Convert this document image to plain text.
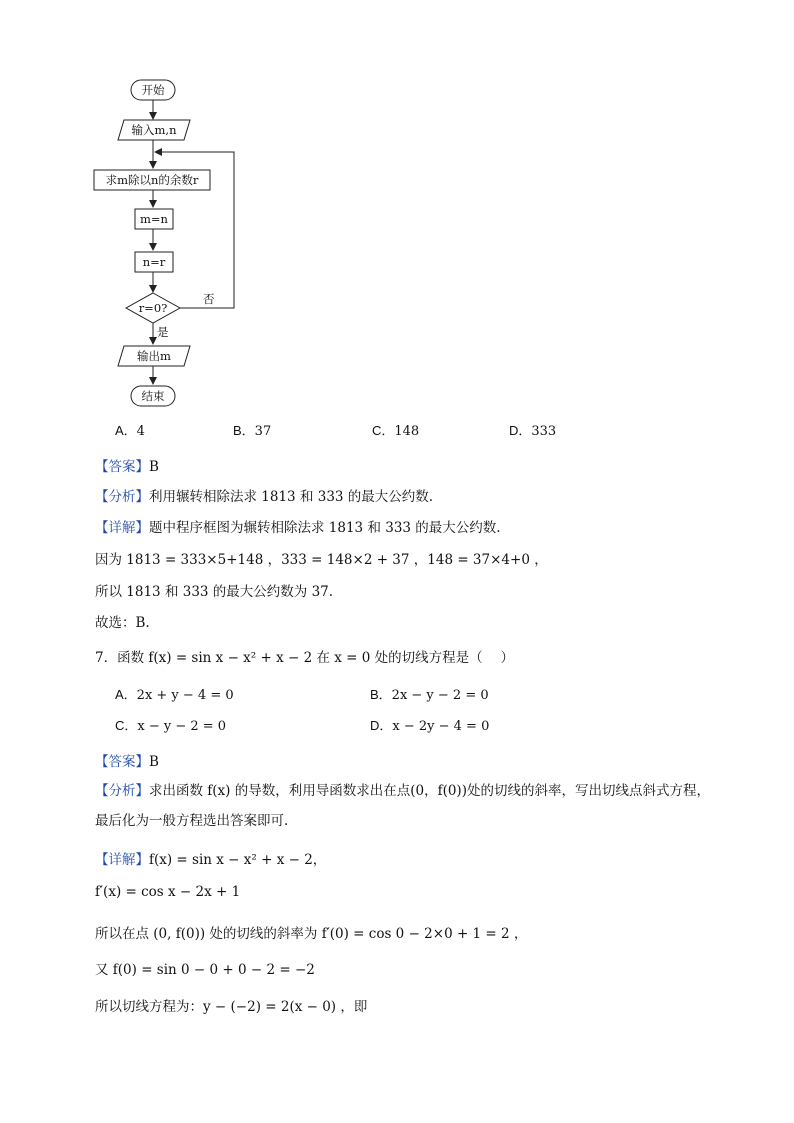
开始
输入m,n
求m除以n的余数r
m=n
n=r
r=0?
否
是
输出m
结束
A．4	B．37	C．148	D．333
【答案】B
【分析】利用辗转相除法求 1813 和 333 的最大公约数.
【详解】题中程序框图为辗转相除法求 1813 和 333 的最大公约数.
因为 1813 = 333×5+148 ，333 = 148×2 + 37 ，148 = 37×4+0 ，
所以 1813 和 333 的最大公约数为 37.
故选：B.
7．函数 f(x) = sin x − x² + x − 2 在 x = 0 处的切线方程是（　 ）
A．2x + y − 4 = 0	B．2x − y − 2 = 0
C．x − y − 2 = 0	D．x − 2y − 4 = 0
【答案】B
【分析】求出函数 f(x) 的导数，利用导函数求出在点(0，f(0))处的切线的斜率，写出切线点斜式方程，最后化为一般方程选出答案即可.
【详解】f(x) = sin x − x² + x − 2，
f′(x) = cos x − 2x + 1
所以在点 (0, f(0)) 处的切线的斜率为 f′(0) = cos 0 − 2×0 + 1 = 2 ，
又 f(0) = sin 0 − 0 + 0 − 2 = −2
所以切线方程为：y − (−2) = 2(x − 0) ，即
